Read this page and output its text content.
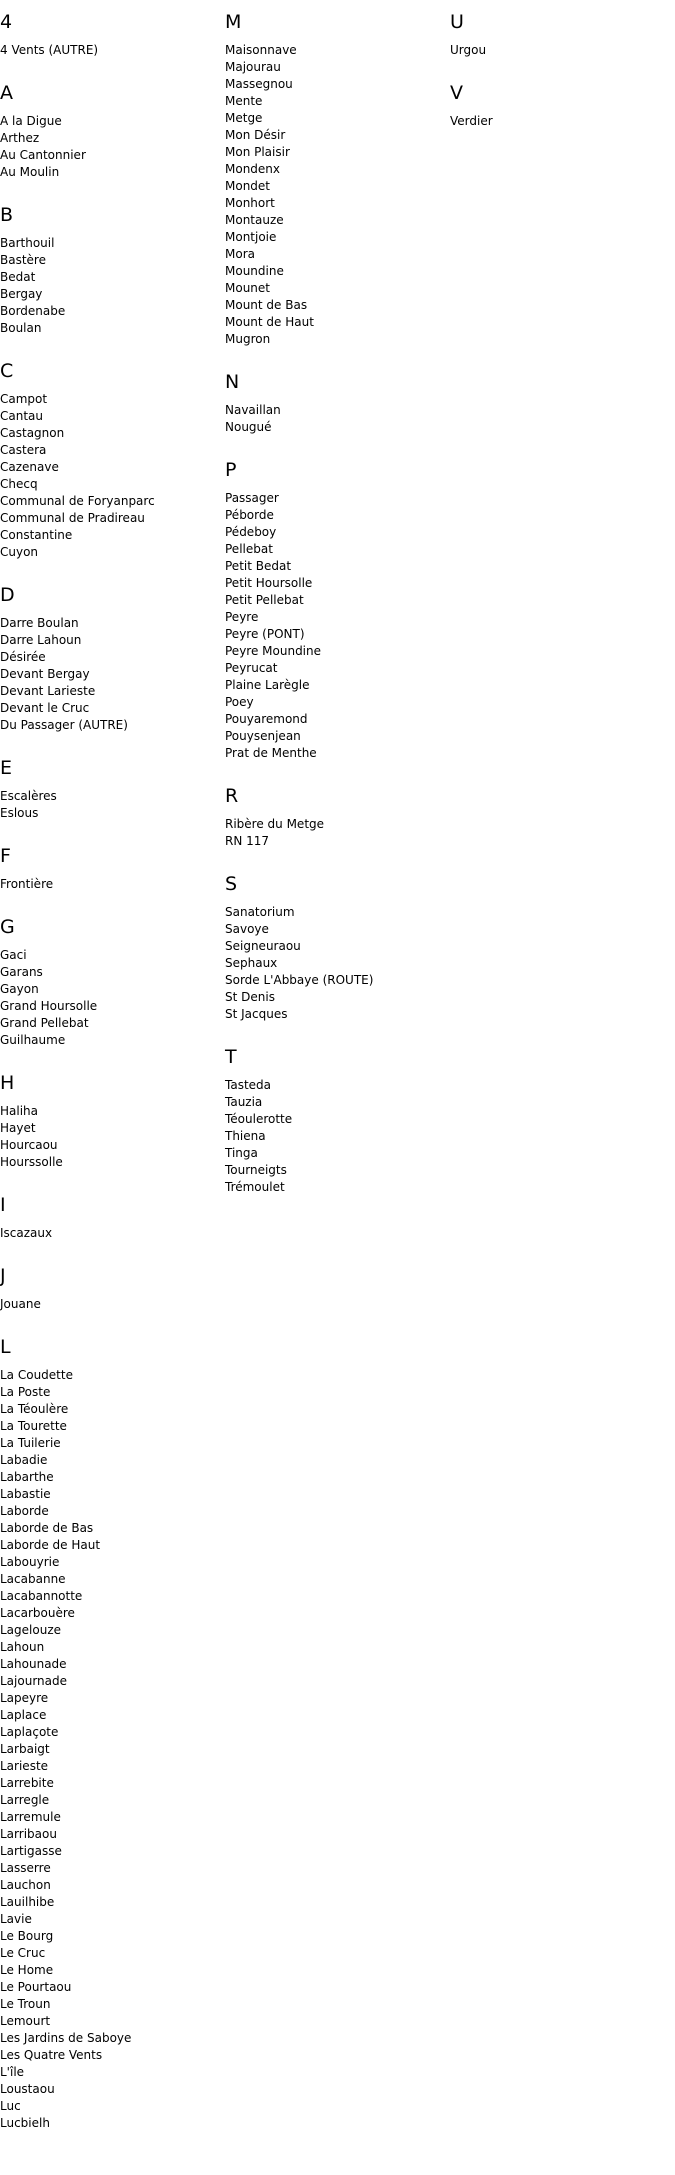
4
4 Vents (AUTRE)
A
A la Digue
Arthez
Au Cantonnier
Au Moulin
B
Barthouil
Bastère
Bedat
Bergay
Bordenabe
Boulan
C
Campot
Cantau
Castagnon
Castera
Cazenave
Checq
Communal de Foryanparc
Communal de Pradireau
Constantine
Cuyon
D
Darre Boulan
Darre Lahoun
Désirée
Devant Bergay
Devant Larieste
Devant le Cruc
Du Passager (AUTRE)
E
Escalères
Eslous
F
Frontière
G
Gaci
Garans
Gayon
Grand Hoursolle
Grand Pellebat
Guilhaume
H
Haliha
Hayet
Hourcaou
Hourssolle
I
Iscazaux
J
Jouane
L
La Coudette
La Poste
La Téoulère
La Tourette
La Tuilerie
Labadie
Labarthe
Labastie
Laborde
Laborde de Bas
Laborde de Haut
Labouyrie
Lacabanne
Lacabannotte
Lacarbouère
Lagelouze
Lahoun
Lahounade
Lajournade
Lapeyre
Laplace
Laplaçote
Larbaigt
Larieste
Larrebite
Larregle
Larremule
Larribaou
Lartigasse
Lasserre
Lauchon
Lauilhibe
Lavie
Le Bourg
Le Cruc
Le Home
Le Pourtaou
Le Troun
Lemourt
Les Jardins de Saboye
Les Quatre Vents
L'île
Loustaou
Luc
Lucbielh
M
Maisonnave
Majourau
Massegnou
Mente
Metge
Mon Désir
Mon Plaisir
Mondenx
Mondet
Monhort
Montauze
Montjoie
Mora
Moundine
Mounet
Mount de Bas
Mount de Haut
Mugron
N
Navaillan
Nougué
P
Passager
Péborde
Pédeboy
Pellebat
Petit Bedat
Petit Hoursolle
Petit Pellebat
Peyre
Peyre (PONT)
Peyre Moundine
Peyrucat
Plaine Larègle
Poey
Pouyaremond
Pouysenjean
Prat de Menthe
R
Ribère du Metge
RN 117
S
Sanatorium
Savoye
Seigneuraou
Sephaux
Sorde L'Abbaye (ROUTE)
St Denis
St Jacques
T
Tasteda
Tauzia
Téoulerotte
Thiena
Tinga
Tourneigts
Trémoulet
U
Urgou
V
Verdier
